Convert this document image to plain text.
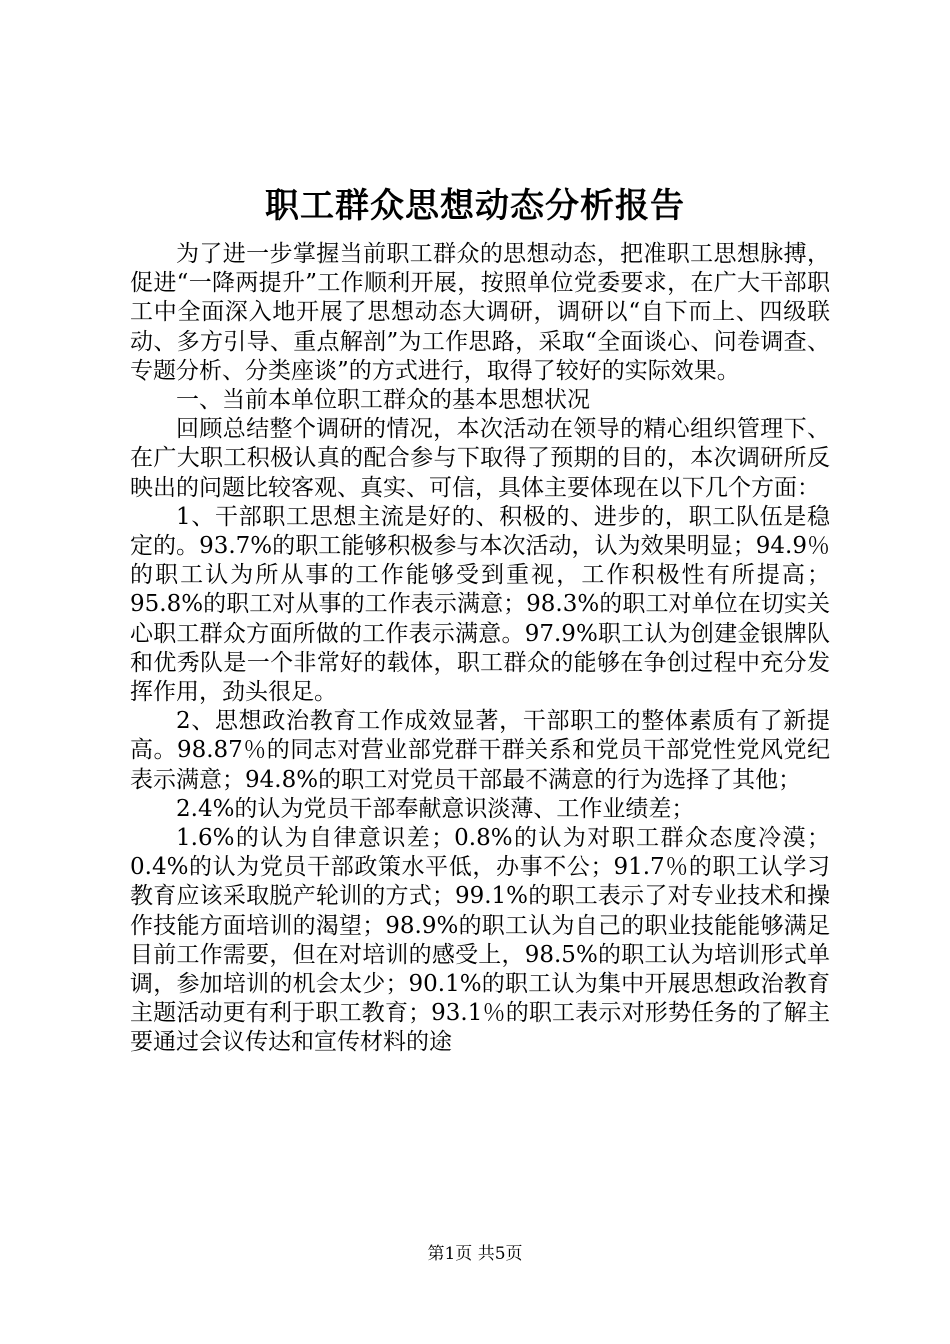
职工群众思想动态分析报告

为了进一步掌握当前职工群众的思想动态，把准职工思想脉搏，促进“一降两提升”工作顺利开展，按照单位党委要求，在广大干部职工中全面深入地开展了思想动态大调研，调研以“自下而上、四级联动、多方引导、重点解剖”为工作思路，采取“全面谈心、问卷调查、专题分析、分类座谈”的方式进行，取得了较好的实际效果。

一、当前本单位职工群众的基本思想状况

回顾总结整个调研的情况，本次活动在领导的精心组织管理下、在广大职工积极认真的配合参与下取得了预期的目的，本次调研所反映出的问题比较客观、真实、可信，具体主要体现在以下几个方面：

1、干部职工思想主流是好的、积极的、进步的，职工队伍是稳定的。93.7%的职工能够积极参与本次活动，认为效果明显；94.9％的职工认为所从事的工作能够受到重视，工作积极性有所提高；95.8%的职工对从事的工作表示满意；98.3%的职工对单位在切实关心职工群众方面所做的工作表示满意。97.9%职工认为创建金银牌队和优秀队是一个非常好的载体，职工群众的能够在争创过程中充分发挥作用，劲头很足。

2、思想政治教育工作成效显著，干部职工的整体素质有了新提高。98.87％的同志对营业部党群干群关系和党员干部党性党风党纪表示满意；94.8%的职工对党员干部最不满意的行为选择了其他；

2.4%的认为党员干部奉献意识淡薄、工作业绩差；

1.6%的认为自律意识差；0.8%的认为对职工群众态度冷漠；0.4%的认为党员干部政策水平低，办事不公；91.7％的职工认学习教育应该采取脱产轮训的方式；99.1%的职工表示了对专业技术和操作技能方面培训的渴望；98.9%的职工认为自己的职业技能能够满足目前工作需要，但在对培训的感受上，98.5%的职工认为培训形式单调，参加培训的机会太少；90.1%的职工认为集中开展思想政治教育主题活动更有利于职工教育；93.1％的职工表示对形势任务的了解主要通过会议传达和宣传材料的途

第1页 共5页
